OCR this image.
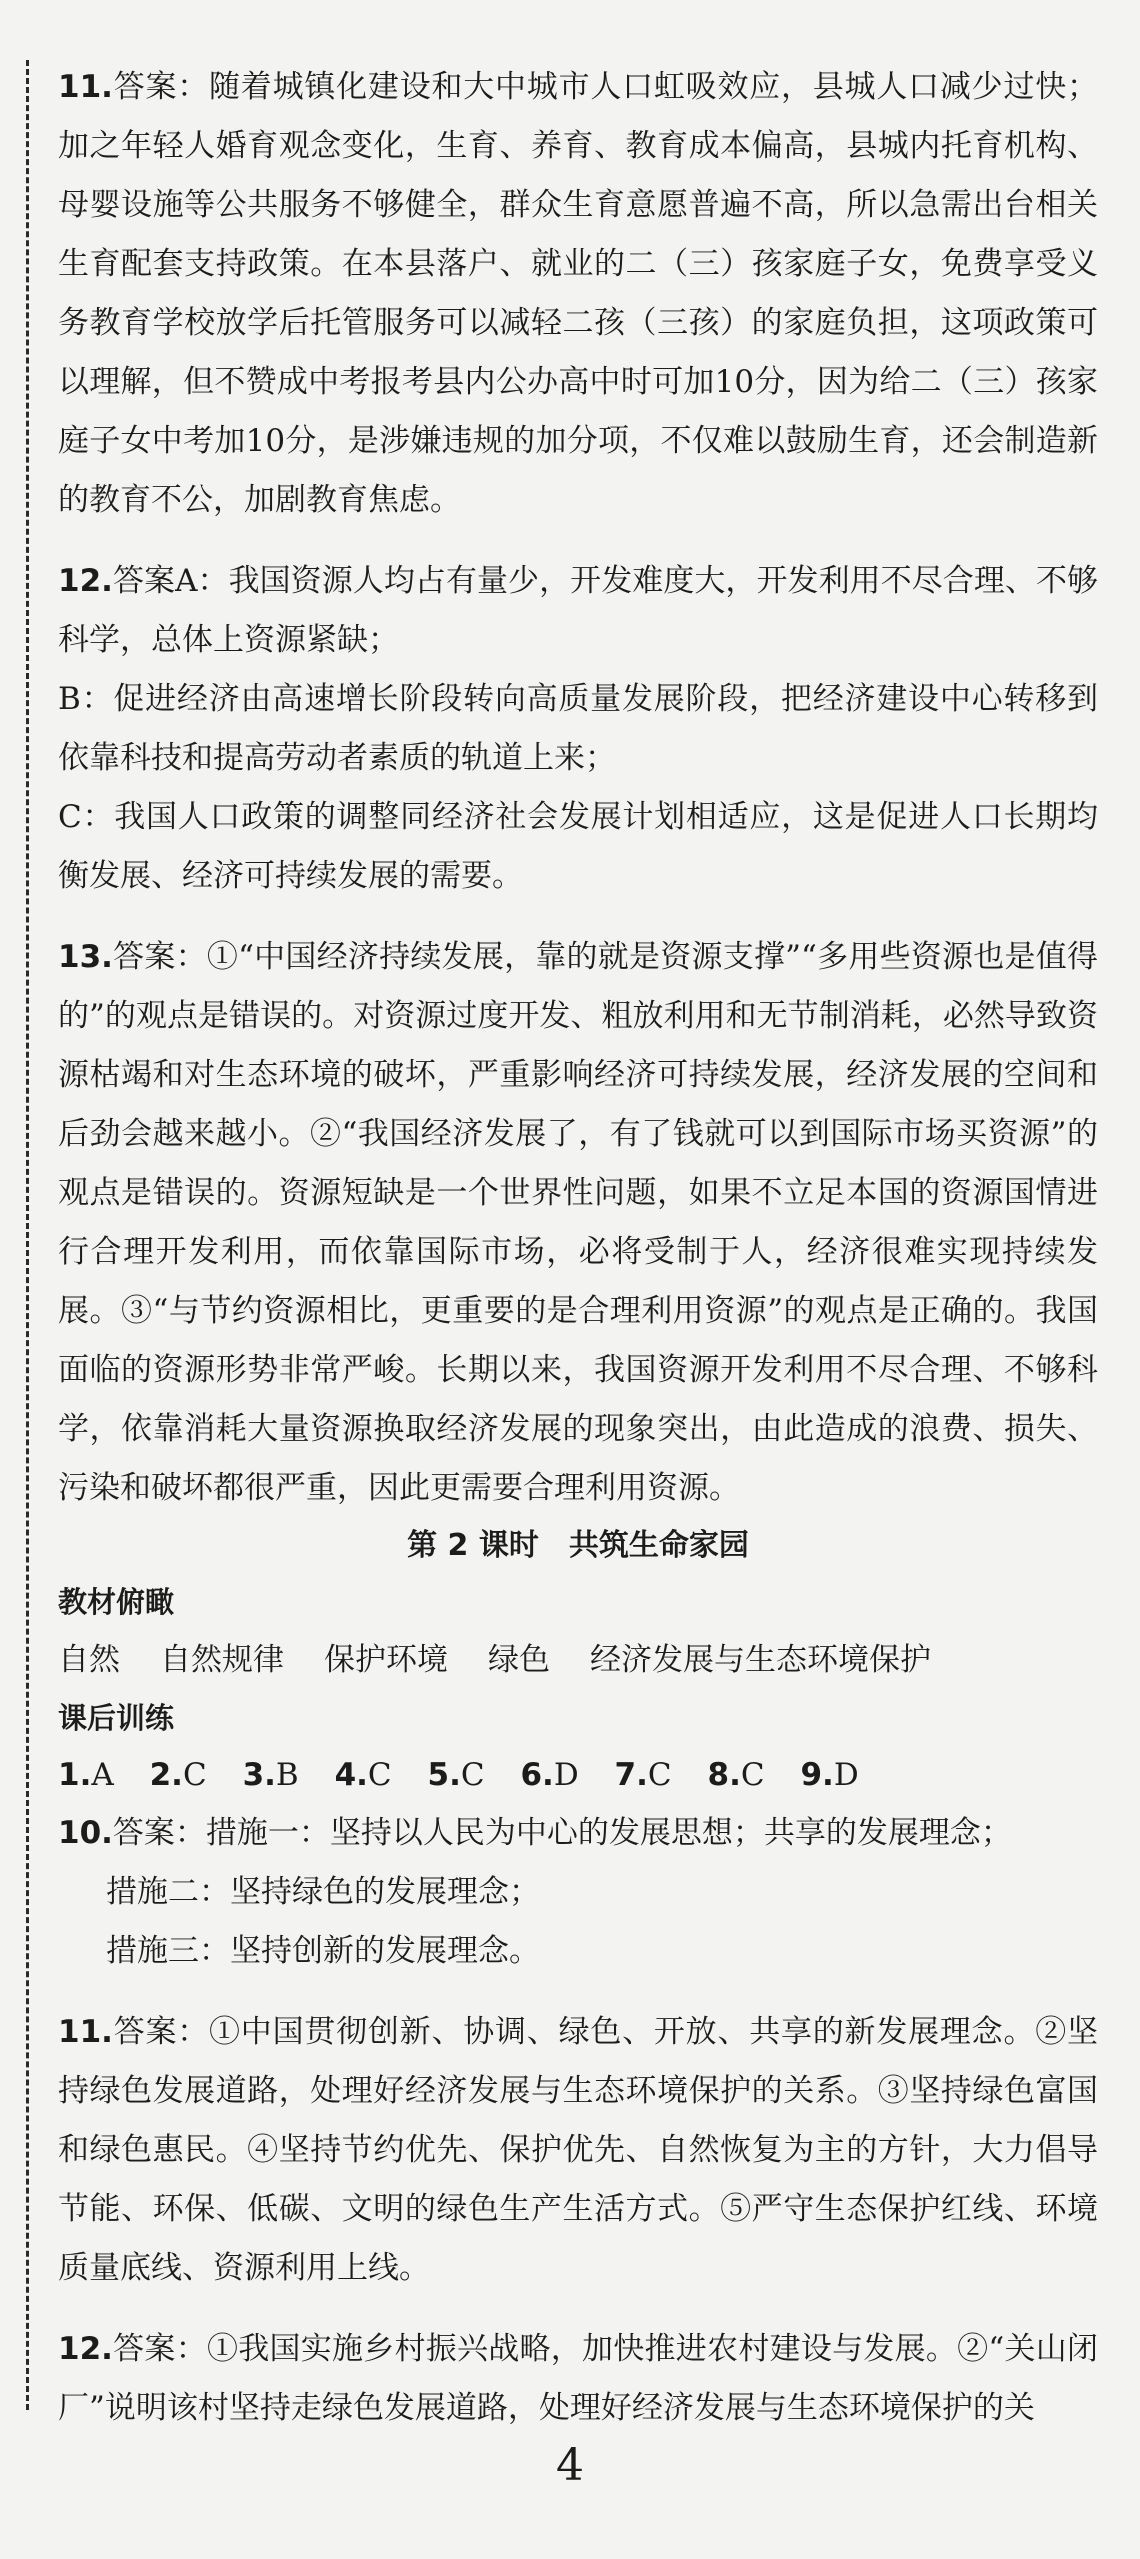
11.答案：随着城镇化建设和大中城市人口虹吸效应，县城人口减少过快；加之年轻人婚育观念变化，生育、养育、教育成本偏高，县城内托育机构、母婴设施等公共服务不够健全，群众生育意愿普遍不高，所以急需出台相关生育配套支持政策。在本县落户、就业的二（三）孩家庭子女，免费享受义务教育学校放学后托管服务可以减轻二孩（三孩）的家庭负担，这项政策可以理解，但不赞成中考报考县内公办高中时可加10分，因为给二（三）孩家庭子女中考加10分，是涉嫌违规的加分项，不仅难以鼓励生育，还会制造新的教育不公，加剧教育焦虑。

12.答案A：我国资源人均占有量少，开发难度大，开发利用不尽合理、不够科学，总体上资源紧缺；

B：促进经济由高速增长阶段转向高质量发展阶段，把经济建设中心转移到依靠科技和提高劳动者素质的轨道上来；

C：我国人口政策的调整同经济社会发展计划相适应，这是促进人口长期均衡发展、经济可持续发展的需要。

13.答案：①“中国经济持续发展，靠的就是资源支撑”“多用些资源也是值得的”的观点是错误的。对资源过度开发、粗放利用和无节制消耗，必然导致资源枯竭和对生态环境的破坏，严重影响经济可持续发展，经济发展的空间和后劲会越来越小。②“我国经济发展了，有了钱就可以到国际市场买资源”的观点是错误的。资源短缺是一个世界性问题，如果不立足本国的资源国情进行合理开发利用，而依靠国际市场，必将受制于人，经济很难实现持续发展。③“与节约资源相比，更重要的是合理利用资源”的观点是正确的。我国面临的资源形势非常严峻。长期以来，我国资源开发利用不尽合理、不够科学，依靠消耗大量资源换取经济发展的现象突出，由此造成的浪费、损失、污染和破坏都很严重，因此更需要合理利用资源。

第 2 课时　共筑生命家园

教材俯瞰

自然 自然规律 保护环境 绿色 经济发展与生态环境保护

课后训练

1.A 2.C 3.B 4.C 5.C 6.D 7.C 8.C 9.D

10.答案：措施一：坚持以人民为中心的发展思想；共享的发展理念；

措施二：坚持绿色的发展理念；

措施三：坚持创新的发展理念。

11.答案：①中国贯彻创新、协调、绿色、开放、共享的新发展理念。②坚持绿色发展道路，处理好经济发展与生态环境保护的关系。③坚持绿色富国和绿色惠民。④坚持节约优先、保护优先、自然恢复为主的方针，大力倡导节能、环保、低碳、文明的绿色生产生活方式。⑤严守生态保护红线、环境质量底线、资源利用上线。

12.答案：①我国实施乡村振兴战略，加快推进农村建设与发展。②“关山闭厂”说明该村坚持走绿色发展道路，处理好经济发展与生态环境保护的关

4
